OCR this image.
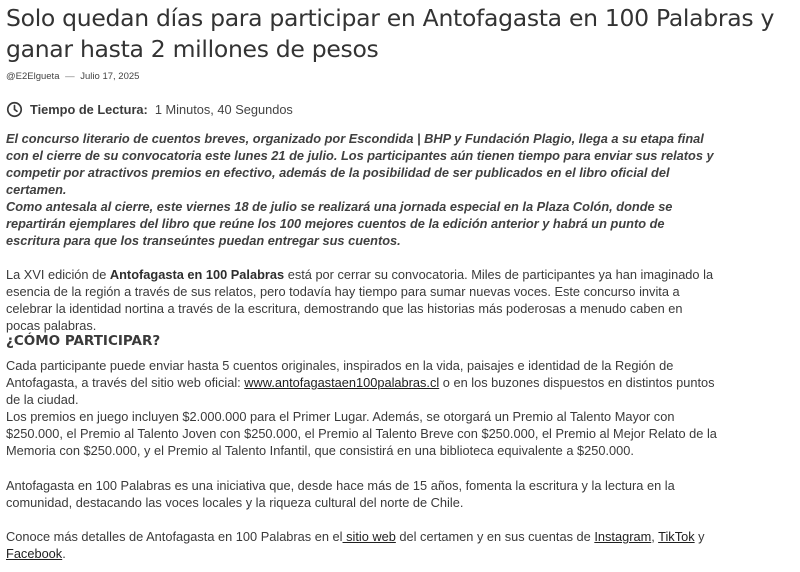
Solo quedan días para participar en Antofagasta en 100 Palabras y ganar hasta 2 millones de pesos
@E2Elgueta — Julio 17, 2025
Tiempo de Lectura: 1 Minutos, 40 Segundos

El concurso literario de cuentos breves, organizado por Escondida | BHP y Fundación Plagio, llega a su etapa final con el cierre de su convocatoria este lunes 21 de julio. Los participantes aún tienen tiempo para enviar sus relatos y competir por atractivos premios en efectivo, además de la posibilidad de ser publicados en el libro oficial del certamen.

Como antesala al cierre, este viernes 18 de julio se realizará una jornada especial en la Plaza Colón, donde se repartirán ejemplares del libro que reúne los 100 mejores cuentos de la edición anterior y habrá un punto de escritura para que los transeúntes puedan entregar sus cuentos.

La XVI edición de Antofagasta en 100 Palabras está por cerrar su convocatoria. Miles de participantes ya han imaginado la esencia de la región a través de sus relatos, pero todavía hay tiempo para sumar nuevas voces. Este concurso invita a celebrar la identidad nortina a través de la escritura, demostrando que las historias más poderosas a menudo caben en pocas palabras.

¿CÓMO PARTICIPAR?

Cada participante puede enviar hasta 5 cuentos originales, inspirados en la vida, paisajes e identidad de la Región de Antofagasta, a través del sitio web oficial: www.antofagastaen100palabras.cl o en los buzones dispuestos en distintos puntos de la ciudad.

Los premios en juego incluyen $2.000.000 para el Primer Lugar. Además, se otorgará un Premio al Talento Mayor con $250.000, el Premio al Talento Joven con $250.000, el Premio al Talento Breve con $250.000, el Premio al Mejor Relato de la Memoria con $250.000, y el Premio al Talento Infantil, que consistirá en una biblioteca equivalente a $250.000.

Antofagasta en 100 Palabras es una iniciativa que, desde hace más de 15 años, fomenta la escritura y la lectura en la comunidad, destacando las voces locales y la riqueza cultural del norte de Chile.

Conoce más detalles de Antofagasta en 100 Palabras en el sitio web del certamen y en sus cuentas de Instagram, TikTok y Facebook.
